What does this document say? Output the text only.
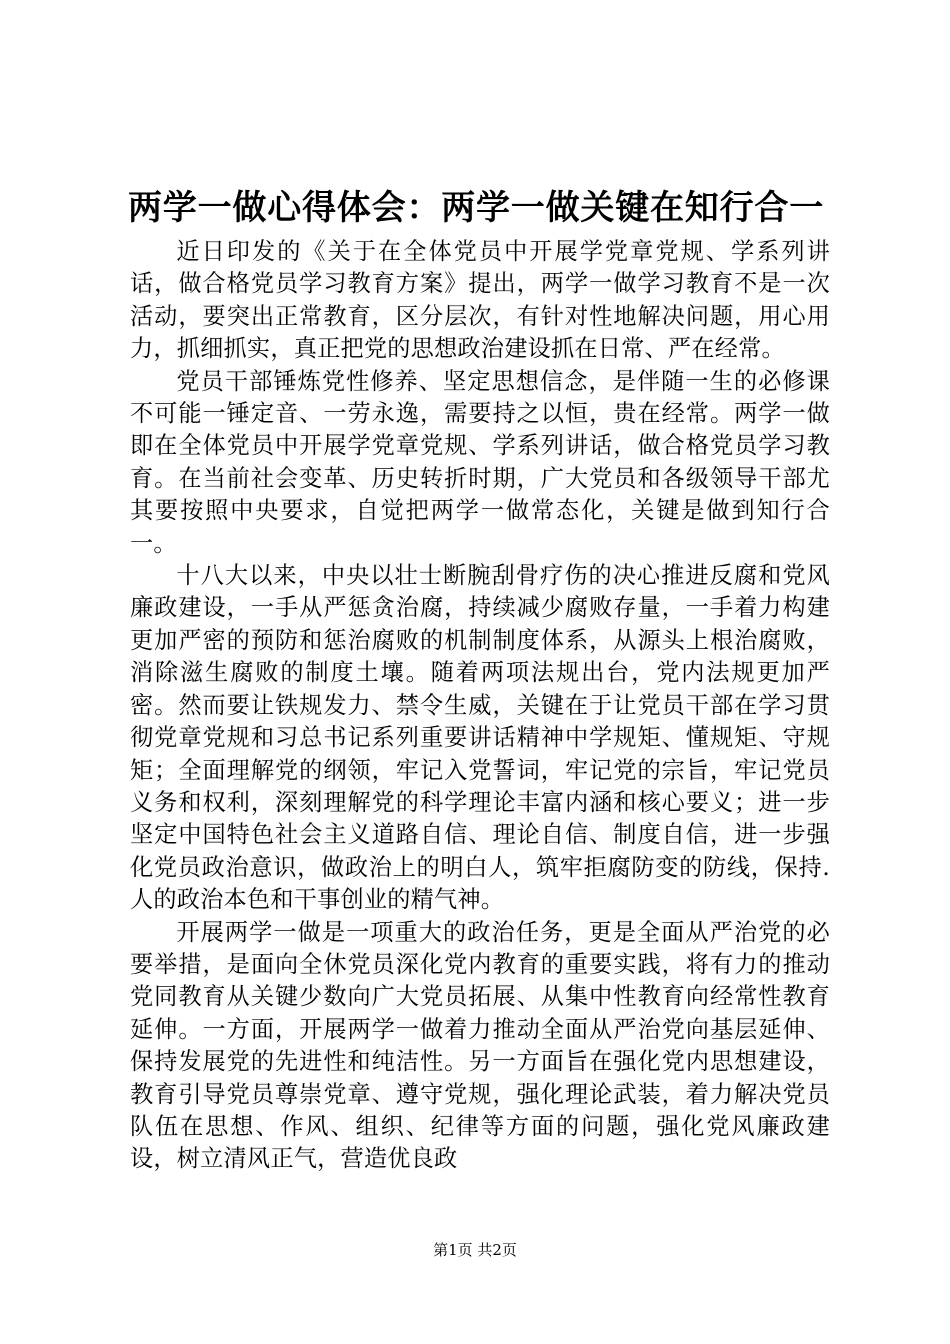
两学一做心得体会：两学一做关键在知行合一

近日印发的《关于在全体党员中开展学党章党规、学系列讲话，做合格党员学习教育方案》提出，两学一做学习教育不是一次活动，要突出正常教育，区分层次，有针对性地解决问题，用心用力，抓细抓实，真正把党的思想政治建设抓在日常、严在经常。

党员干部锤炼党性修养、坚定思想信念，是伴随一生的必修课不可能一锤定音、一劳永逸，需要持之以恒，贵在经常。两学一做即在全体党员中开展学党章党规、学系列讲话，做合格党员学习教育。在当前社会变革、历史转折时期，广大党员和各级领导干部尤其要按照中央要求，自觉把两学一做常态化，关键是做到知行合一。

十八大以来，中央以壮士断腕刮骨疗伤的决心推进反腐和党风廉政建设，一手从严惩贪治腐，持续减少腐败存量，一手着力构建更加严密的预防和惩治腐败的机制制度体系，从源头上根治腐败，消除滋生腐败的制度土壤。随着两项法规出台，党内法规更加严密。然而要让铁规发力、禁令生威，关键在于让党员干部在学习贯彻党章党规和习总书记系列重要讲话精神中学规矩、懂规矩、守规矩；全面理解党的纲领，牢记入党誓词，牢记党的宗旨，牢记党员义务和权利，深刻理解党的科学理论丰富内涵和核心要义；进一步坚定中国特色社会主义道路自信、理论自信、制度自信，进一步强化党员政治意识，做政治上的明白人，筑牢拒腐防变的防线，保持.人的政治本色和干事创业的精气神。

开展两学一做是一项重大的政治任务，更是全面从严治党的必要举措，是面向全休党员深化党内教育的重要实践，将有力的推动党同教育从关键少数向广大党员拓展、从集中性教育向经常性教育延伸。一方面，开展两学一做着力推动全面从严治党向基层延伸、保持发展党的先进性和纯洁性。另一方面旨在强化党内思想建设，教育引导党员尊崇党章、遵守党规，强化理论武装，着力解决党员队伍在思想、作风、组织、纪律等方面的问题，强化党风廉政建设，树立清风正气，营造优良政

第1页 共2页
